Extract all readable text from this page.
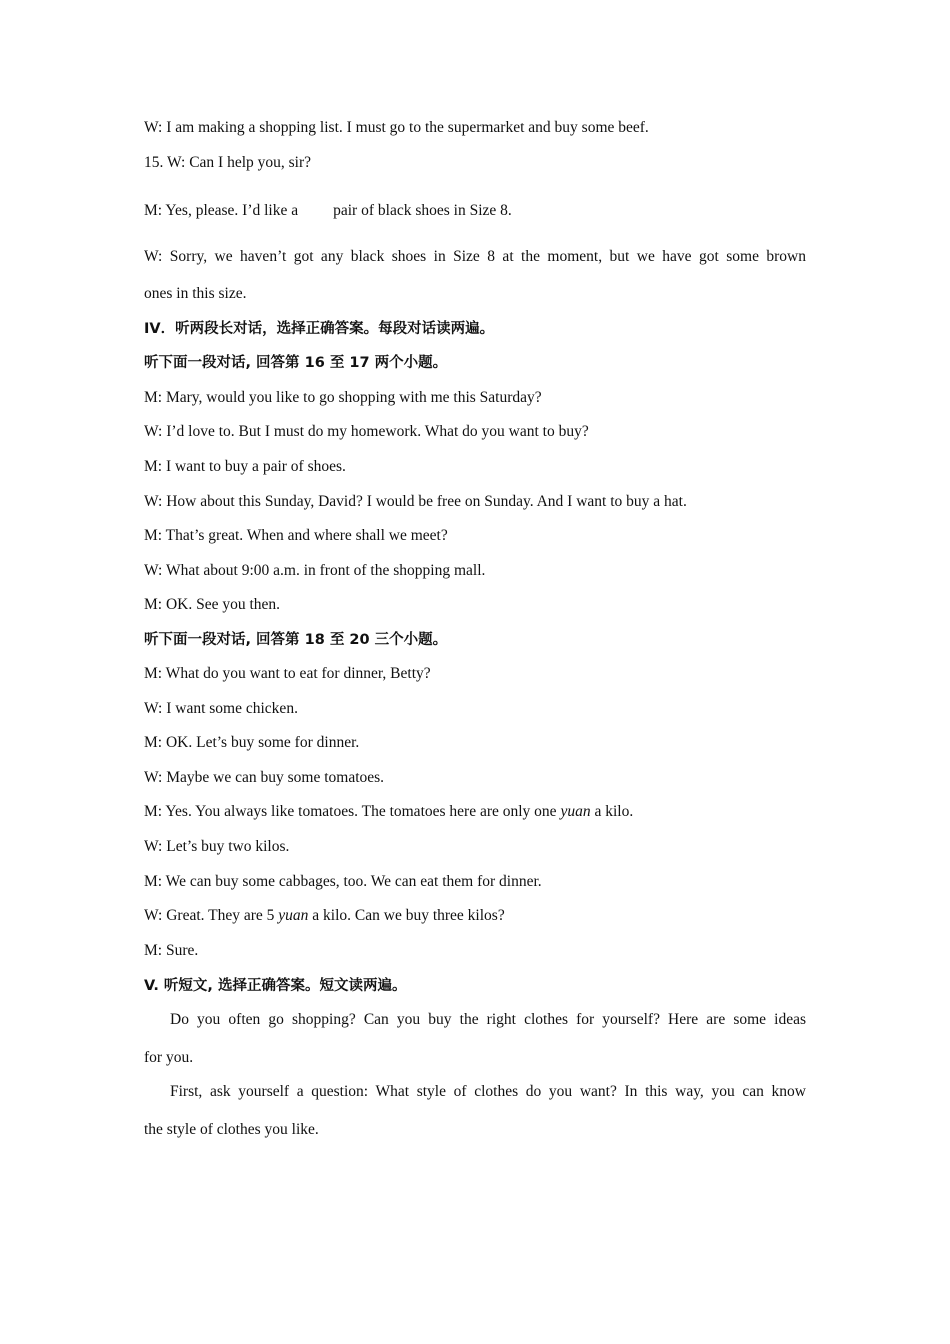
W: I am making a shopping list. I must go to the supermarket and buy some beef.
15. W: Can I help you, sir?
M: Yes, please. I’d like a pair of black shoes in Size 8.
W: Sorry, we haven’t got any black shoes in Size 8 at the moment, but we have got some brown
ones in this size.
IV．听两段长对话，选择正确答案。每段对话读两遍。
听下面一段对话, 回答第 16 至 17 两个小题。
M: Mary, would you like to go shopping with me this Saturday?
W: I’d love to. But I must do my homework. What do you want to buy?
M: I want to buy a pair of shoes.
W: How about this Sunday, David? I would be free on Sunday. And I want to buy a hat.
M: That’s great. When and where shall we meet?
W: What about 9:00 a.m. in front of the shopping mall.
M: OK. See you then.
听下面一段对话, 回答第 18 至 20 三个小题。
M: What do you want to eat for dinner, Betty?
W: I want some chicken.
M: OK. Let’s buy some for dinner.
W: Maybe we can buy some tomatoes.
M: Yes. You always like tomatoes. The tomatoes here are only one yuan a kilo.
W: Let’s buy two kilos.
M: We can buy some cabbages, too. We can eat them for dinner.
W: Great. They are 5 yuan a kilo. Can we buy three kilos?
M: Sure.
V. 听短文, 选择正确答案。短文读两遍。
Do you often go shopping? Can you buy the right clothes for yourself? Here are some ideas
for you.
First, ask yourself a question: What style of clothes do you want? In this way, you can know
the style of clothes you like.
